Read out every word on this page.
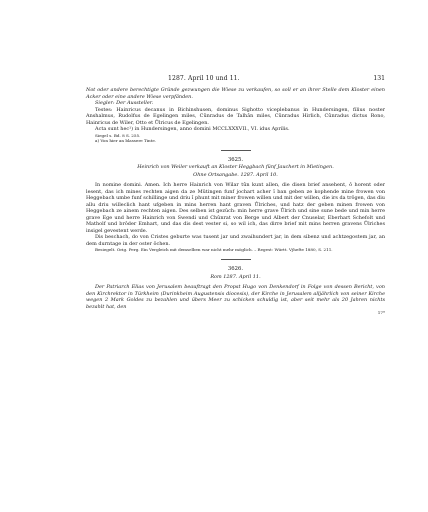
1287. April 10 und 11.	131

Not oder andere berechtigte Gründe gezwungen die Wiese zu verkaufen, so soll er an ihrer Stelle dem Kloster einen Acker oder eine andere Wiese verpfänden.

Siegler: Der Aussteller.

Testes: Hainricus decanus in Bichinshusen, dominus Sighotto viceplebanus in Hundersingen, filius noster Anshalmus, Rudolfus de Egelingen miles, Cůnradus de Talhǎn miles, Cůnradus Hirlich, Cůnradus dictus Rono, Hainricus de Wiler, Otto et Ůlricus de Egelingen.

Acta sunt hec¹) in Hundersingen, anno domini MCCLXXXVII., VI. idus Aprilis.

Siegel s. Bd. 8 S. 255.

a) Von hier an blassere Tinte.

3625.

Heinrich von Weiler verkauft an Kloster Heggbach fünf Jauchert in Mietingen.

Ohne Ortsangabe. 1287. April 10.

In nomine domini. Amen. Ich herre Hainrich von Wilar tůn kunt allen, die disen brief ansehent, ǒ horent oder lesent, das ich mines rechten aigen da ze Mǔtingen funf jochart acher ǐ ban geben ze kophende mine frowen von Heggebach umbe funf schillinge und driu ǐ phunt mit miner frowen willen und mit der willen, die irs da trǒgen, das diu allu driu willeclich hant ufgeben in mins herren hant graven Ůlriches, und hatz der geben minen frowen von Heggebach ze ainem rechten aigen. Des selben ist gezǔch: min herre grave Ůlrich und sine sune bede und min herre grave Ege und herre Hainrich von Swendi und Chǔnrat von Berge und Albert der Cnuselar, Eberhart Schefolt und Matholf und brǒder Emhart, und das dis dest vester si, so wil ich, das dirre brief mit mins herren gravens Ůlriches insigel gevestent werde.

Dis beschach, do von Cristes geburte was tusent jar und zwaihundert jar, in dem sibenz und achtzegostem jar, an dem durntage in der oster ǒchen.

Besiegelt. Orig. Perg. Ein Vergleich mit demselben war nicht mehr möglich. – Regest: Württ. Vjhefte 1880, S. 211.

3626.

Rom 1287. April 11.

Der Patriarch Elias von Jerusalem beauftragt den Propst Hugo von Denkendorf in Folge von dessen Bericht, von den Kirchrektor in Türkheim (Durinkheim Augustensis diocesis), der Kirche in Jerusalem alljährlich von seiner Kirche wegen 2 Mark Goldes zu bezahlen und übers Meer zu schicken schuldig ist, aber seit mehr als 20 Jahren nichts bezahlt hat, den

17*
